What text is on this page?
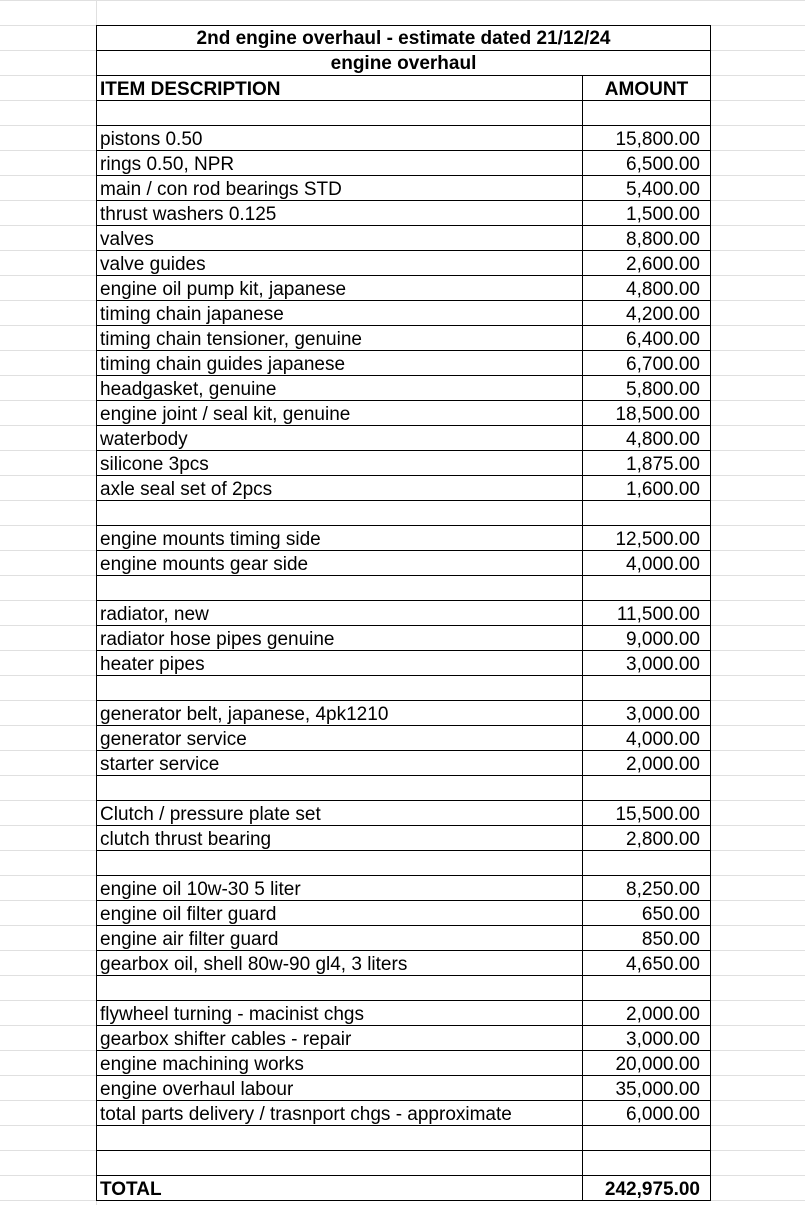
2nd engine overhaul - estimate dated 21/12/24
engine overhaul
ITEM DESCRIPTION	AMOUNT
pistons 0.50	15,800.00
rings 0.50, NPR	6,500.00
main / con rod bearings STD	5,400.00
thrust washers 0.125	1,500.00
valves	8,800.00
valve guides	2,600.00
engine oil pump kit, japanese	4,800.00
timing chain japanese	4,200.00
timing chain tensioner, genuine	6,400.00
timing chain guides japanese	6,700.00
headgasket, genuine	5,800.00
engine joint / seal kit, genuine	18,500.00
waterbody	4,800.00
silicone 3pcs	1,875.00
axle seal set of 2pcs	1,600.00
engine mounts timing side	12,500.00
engine mounts gear side	4,000.00
radiator, new	11,500.00
radiator hose pipes genuine	9,000.00
heater pipes	3,000.00
generator belt, japanese, 4pk1210	3,000.00
generator service	4,000.00
starter service	2,000.00
Clutch / pressure plate set	15,500.00
clutch thrust bearing	2,800.00
engine oil 10w-30 5 liter	8,250.00
engine oil filter guard	650.00
engine air filter guard	850.00
gearbox oil, shell 80w-90 gl4, 3 liters	4,650.00
flywheel turning - macinist chgs	2,000.00
gearbox shifter cables - repair	3,000.00
engine machining works	20,000.00
engine overhaul labour	35,000.00
total parts delivery / trasnport chgs - approximate	6,000.00
TOTAL	242,975.00
